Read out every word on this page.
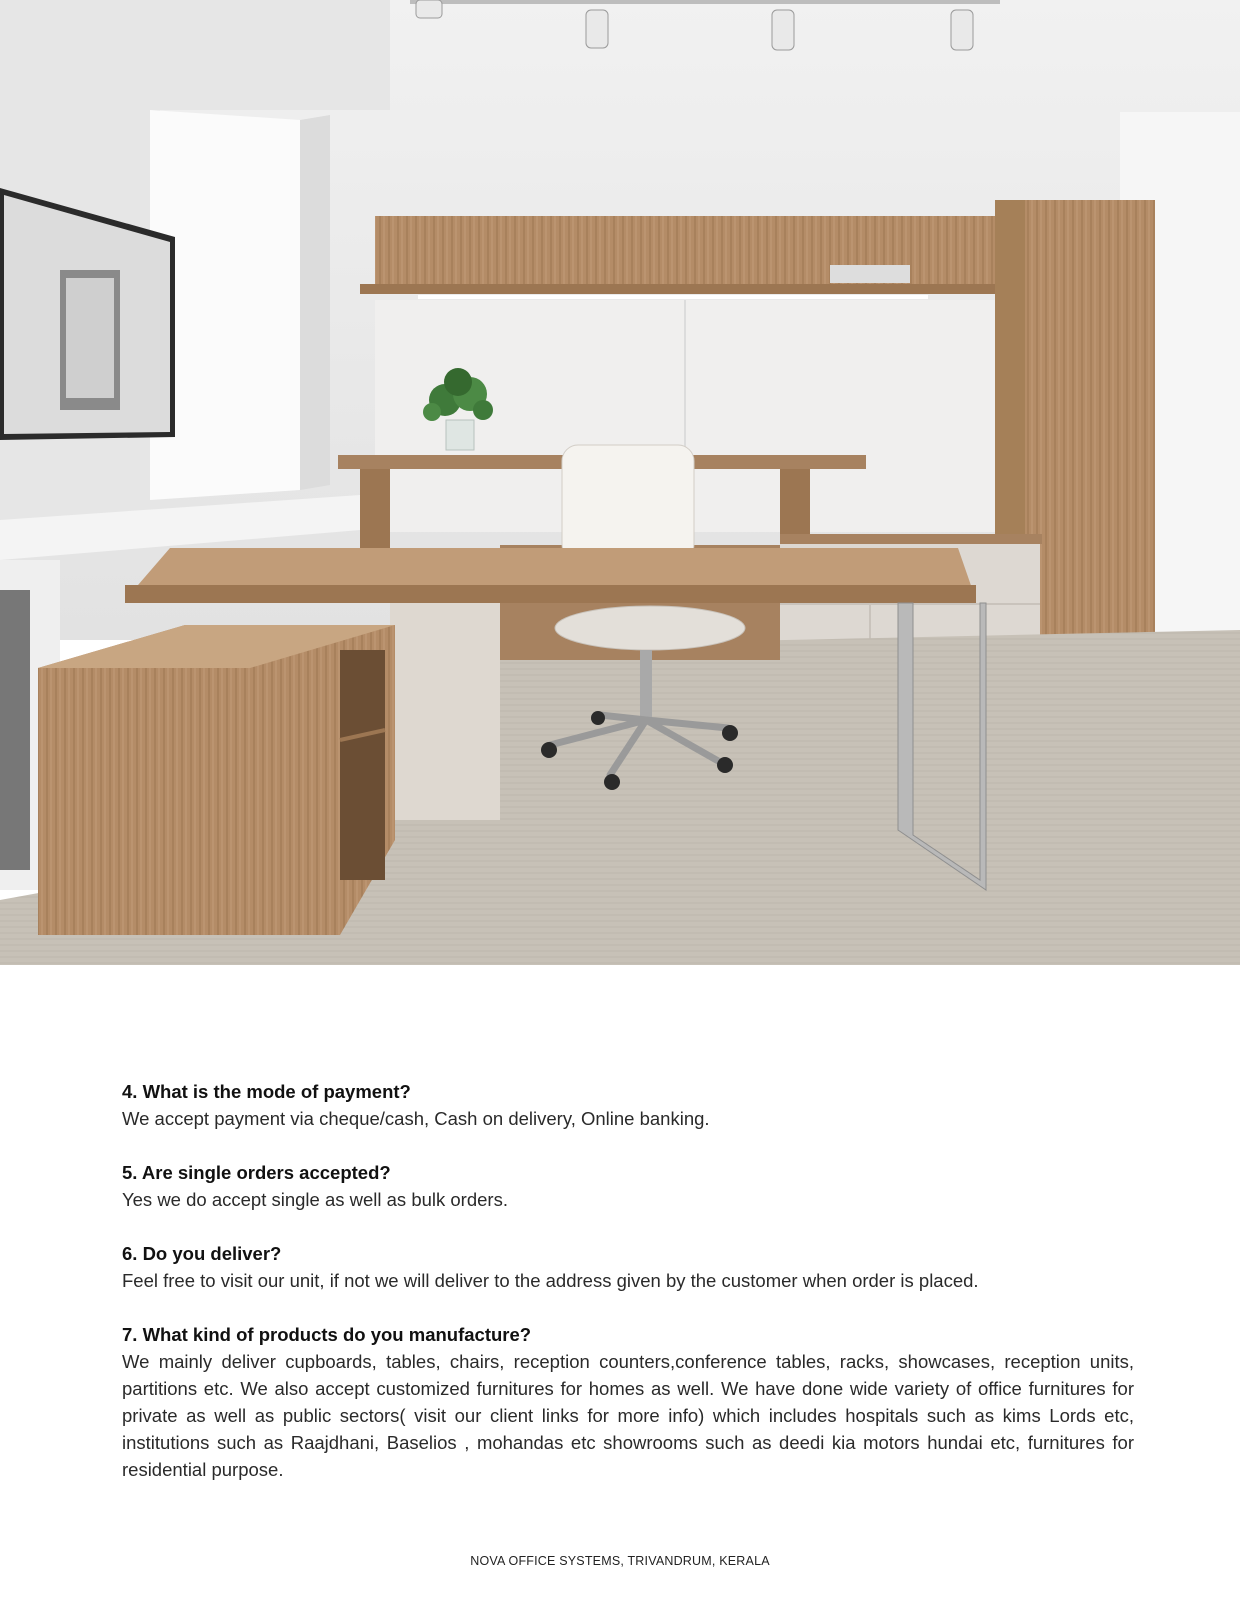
4. What is the mode of payment?
We accept payment via cheque/cash, Cash on delivery, Online banking.
5. Are single orders accepted?
Yes we do accept single as well as bulk orders.
6. Do you deliver?
Feel free to visit our unit, if not we will deliver to the address given by the customer when order is placed.
7. What kind of products do you manufacture?
We mainly deliver cupboards, tables, chairs, reception counters,conference tables, racks, showcases, reception units, partitions etc. We also accept customized furnitures for homes as well. We have done wide variety of office furnitures for private as well as public sectors( visit our client links for more info) which includes hospitals such as kims Lords etc, institutions such as Raajdhani, Baselios , mohandas etc showrooms such as deedi kia motors hundai etc, furnitures for residential purpose.
NOVA OFFICE SYSTEMS, TRIVANDRUM, KERALA
